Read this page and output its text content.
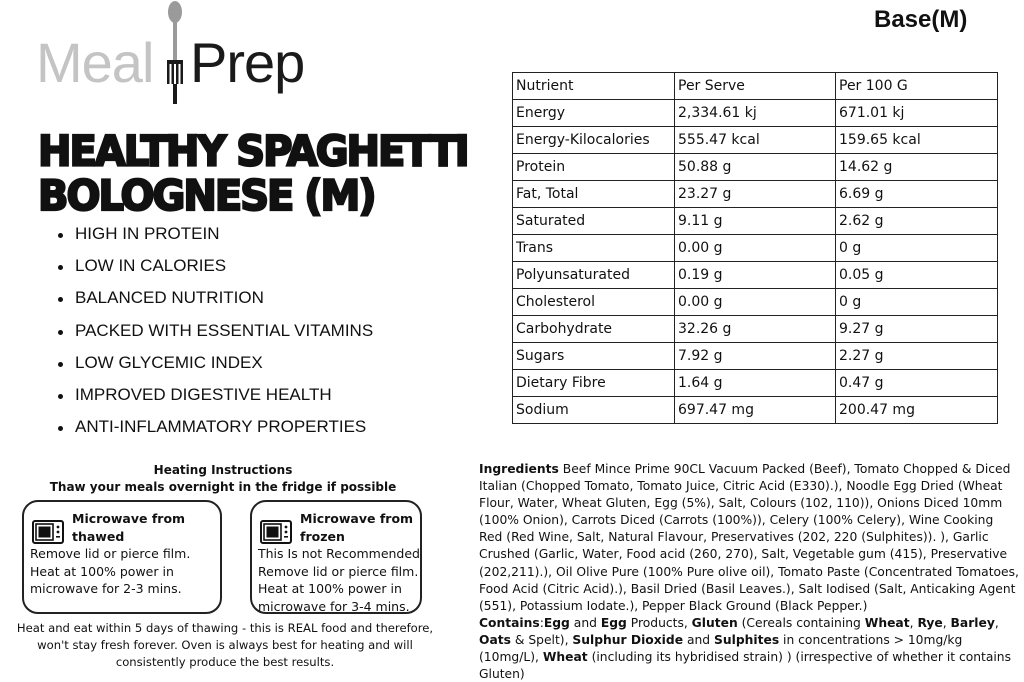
Meal Prep
Base(M)
HEALTHY SPAGHETTI
BOLOGNESE (M)
HIGH IN PROTEIN
LOW IN CALORIES
BALANCED NUTRITION
PACKED WITH ESSENTIAL VITAMINS
LOW GLYCEMIC INDEX
IMPROVED DIGESTIVE HEALTH
ANTI-INFLAMMATORY PROPERTIES
Nutrient	Per Serve	Per 100 G
Energy	2,334.61 kj	671.01 kj
Energy-Kilocalories	555.47 kcal	159.65 kcal
Protein	50.88 g	14.62 g
Fat, Total	23.27 g	6.69 g
Saturated	9.11 g	2.62 g
Trans	0.00 g	0 g
Polyunsaturated	0.19 g	0.05 g
Cholesterol	0.00 g	0 g
Carbohydrate	32.26 g	9.27 g
Sugars	7.92 g	2.27 g
Dietary Fibre	1.64 g	0.47 g
Sodium	697.47 mg	200.47 mg
Heating Instructions
Thaw your meals overnight in the fridge if possible
Microwave from thawed
Remove lid or pierce film.
Heat at 100% power in
microwave for 2-3 mins.
Microwave from frozen
This Is not Recommended
Remove lid or pierce film.
Heat at 100% power in
microwave for 3-4 mins.
Heat and eat within 5 days of thawing - this is REAL food and therefore, won't stay fresh forever. Oven is always best for heating and will consistently produce the best results.

Ingredients Beef Mince Prime 90CL Vacuum Packed (Beef), Tomato Chopped & Diced Italian (Chopped Tomato, Tomato Juice, Citric Acid (E330).), Noodle Egg Dried (Wheat Flour, Water, Wheat Gluten, Egg (5%), Salt, Colours (102, 110)), Onions Diced 10mm (100% Onion), Carrots Diced (Carrots (100%)), Celery (100% Celery), Wine Cooking Red (Red Wine, Salt, Natural Flavour, Preservatives (202, 220 (Sulphites)). ), Garlic Crushed (Garlic, Water, Food acid (260, 270), Salt, Vegetable gum (415), Preservative (202,211).), Oil Olive Pure (100% Pure olive oil), Tomato Paste (Concentrated Tomatoes, Food Acid (Citric Acid).), Basil Dried (Basil Leaves.), Salt Iodised (Salt, Anticaking Agent (551), Potassium Iodate.), Pepper Black Ground (Black Pepper.)

Contains:Egg and Egg Products, Gluten (Cereals containing Wheat, Rye, Barley, Oats & Spelt), Sulphur Dioxide and Sulphites in concentrations > 10mg/kg (10mg/L), Wheat (including its hybridised strain) ) (irrespective of whether it contains Gluten)
